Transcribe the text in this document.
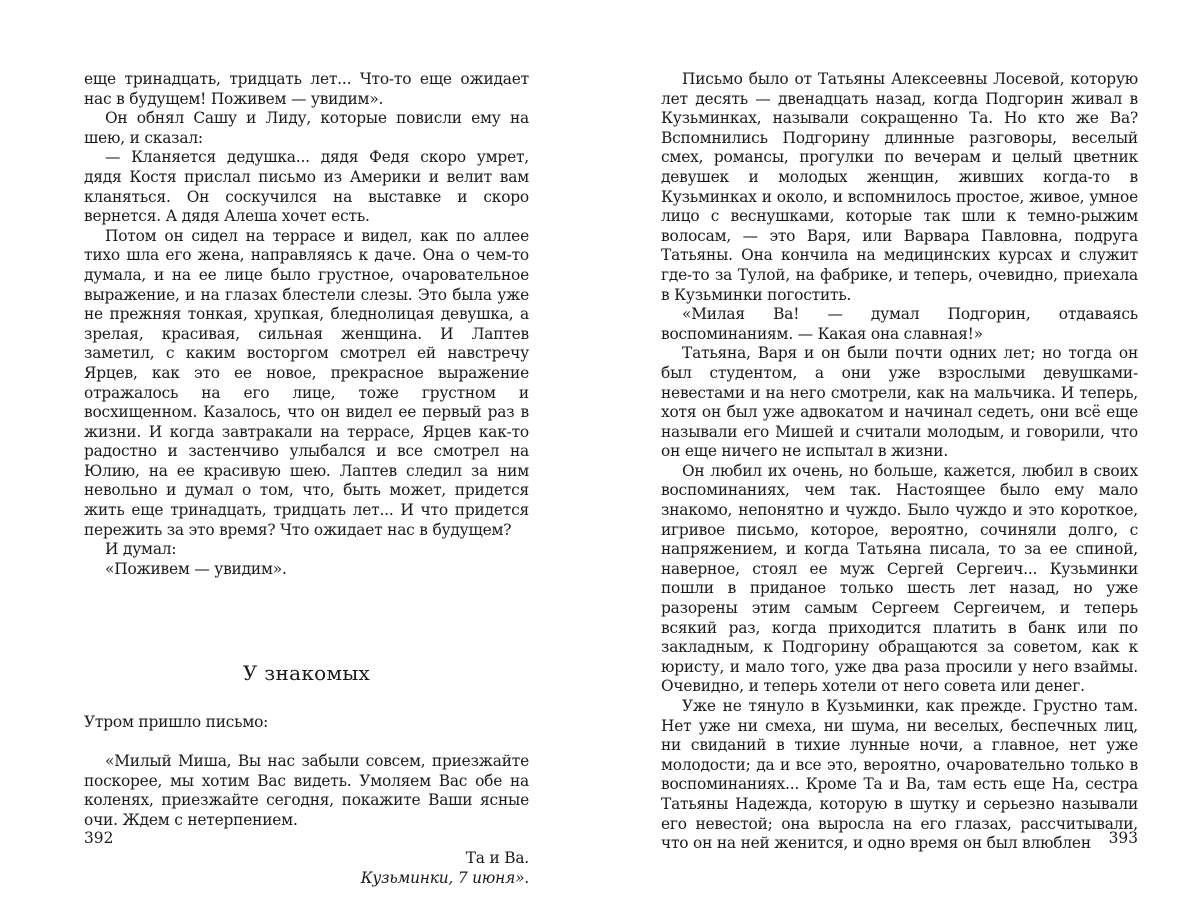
еще тринадцать, тридцать лет... Что-то еще ожидает нас в будущем! Поживем — увидим».

Он обнял Сашу и Лиду, которые повисли ему на шею, и сказал:

— Кланяется дедушка... дядя Федя скоро умрет, дядя Костя прислал письмо из Америки и велит вам кланяться. Он соскучился на выставке и скоро вернется. А дядя Алеша хочет есть.

Потом он сидел на террасе и видел, как по аллее тихо шла его жена, направляясь к даче. Она о чем-то думала, и на ее лице было грустное, очаровательное выражение, и на глазах блестели слезы. Это была уже не прежняя тонкая, хрупкая, бледнолицая девушка, а зрелая, красивая, сильная женщина. И Лаптев заметил, с каким восторгом смотрел ей навстречу Ярцев, как это ее новое, прекрасное выражение отражалось на его лице, тоже грустном и восхищенном. Казалось, что он видел ее первый раз в жизни. И когда завтракали на террасе, Ярцев как-то радостно и застенчиво улыбался и все смотрел на Юлию, на ее красивую шею. Лаптев следил за ним невольно и думал о том, что, быть может, придется жить еще тринадцать, тридцать лет... И что придется пережить за это время? Что ожидает нас в будущем?

И думал:

«Поживем — увидим».

У знакомых

Утром пришло письмо:

«Милый Миша, Вы нас забыли совсем, приезжайте поскорее, мы хотим Вас видеть. Умоляем Вас обе на коленях, приезжайте сегодня, покажите Ваши ясные очи. Ждем с нетерпением.

Та и Ва.

Кузьминки, 7 июня».

392

Письмо было от Татьяны Алексеевны Лосевой, которую лет десять — двенадцать назад, когда Подгорин живал в Кузьминках, называли сокращенно Та. Но кто же Ва? Вспомнились Подгорину длинные разговоры, веселый смех, романсы, прогулки по вечерам и целый цветник девушек и молодых женщин, живших когда-то в Кузьминках и около, и вспомнилось простое, живое, умное лицо с веснушками, которые так шли к темно-рыжим волосам, — это Варя, или Варвара Павловна, подруга Татьяны. Она кончила на медицинских курсах и служит где-то за Тулой, на фабрике, и теперь, очевидно, приехала в Кузьминки погостить.

«Милая Ва! — думал Подгорин, отдаваясь воспоминаниям. — Какая она славная!»

Татьяна, Варя и он были почти одних лет; но тогда он был студентом, а они уже взрослыми девушками-невестами и на него смотрели, как на мальчика. И теперь, хотя он был уже адвокатом и начинал седеть, они всё еще называли его Мишей и считали молодым, и говорили, что он еще ничего не испытал в жизни.

Он любил их очень, но больше, кажется, любил в своих воспоминаниях, чем так. Настоящее было ему мало знакомо, непонятно и чуждо. Было чуждо и это короткое, игривое письмо, которое, вероятно, сочиняли долго, с напряжением, и когда Татьяна писала, то за ее спиной, наверное, стоял ее муж Сергей Сергеич... Кузьминки пошли в приданое только шесть лет назад, но уже разорены этим самым Сергеем Сергеичем, и теперь всякий раз, когда приходится платить в банк или по закладным, к Подгорину обращаются за советом, как к юристу, и мало того, уже два раза просили у него взаймы. Очевидно, и теперь хотели от него совета или денег.

Уже не тянуло в Кузьминки, как прежде. Грустно там. Нет уже ни смеха, ни шума, ни веселых, беспечных лиц, ни свиданий в тихие лунные ночи, а главное, нет уже молодости; да и все это, вероятно, очаровательно только в воспоминаниях... Кроме Та и Ва, там есть еще На, сестра Татьяны Надежда, которую в шутку и серьезно называли его невестой; она выросла на его глазах, рассчитывали, что он на ней женится, и одно время он был влюблен	393
